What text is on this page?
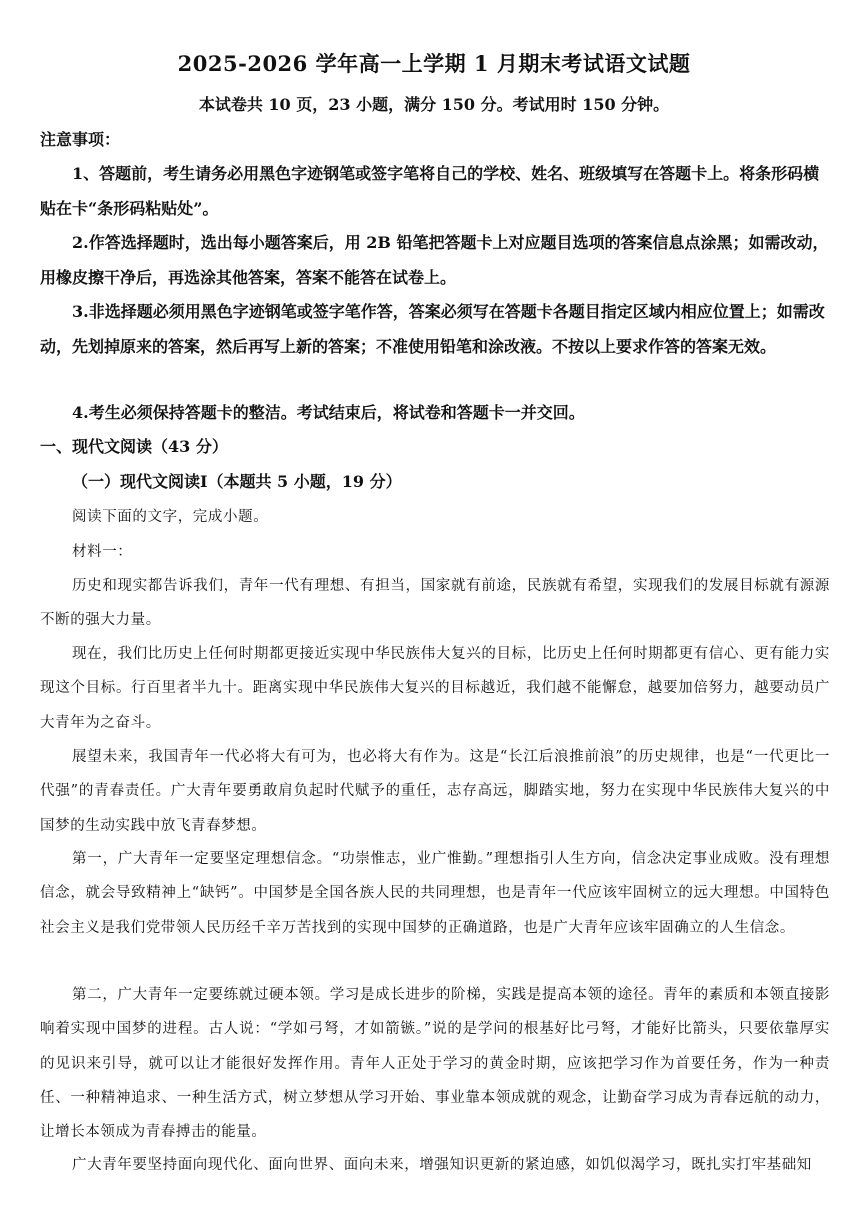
2025-2026 学年高一上学期 1 月期末考试语文试题
本试卷共 10 页，23 小题，满分 150 分。考试用时 150 分钟。
注意事项：
1、答题前，考生请务必用黑色字迹钢笔或签字笔将自己的学校、姓名、班级填写在答题卡上。将条形码横贴在卡“条形码粘贴处”。
2.作答选择题时，选出每小题答案后，用 2B 铅笔把答题卡上对应题目选项的答案信息点涂黑；如需改动，用橡皮擦干净后，再选涂其他答案，答案不能答在试卷上。
3.非选择题必须用黑色字迹钢笔或签字笔作答，答案必须写在答题卡各题目指定区域内相应位置上；如需改动，先划掉原来的答案，然后再写上新的答案；不准使用铅笔和涂改液。不按以上要求作答的答案无效。
4.考生必须保持答题卡的整洁。考试结束后，将试卷和答题卡一并交回。
一、现代文阅读（43 分）
（一）现代文阅读Ⅰ（本题共 5 小题，19 分）
阅读下面的文字，完成小题。
材料一：
历史和现实都告诉我们，青年一代有理想、有担当，国家就有前途，民族就有希望，实现我们的发展目标就有源源不断的强大力量。
现在，我们比历史上任何时期都更接近实现中华民族伟大复兴的目标，比历史上任何时期都更有信心、更有能力实现这个目标。行百里者半九十。距离实现中华民族伟大复兴的目标越近，我们越不能懈怠，越要加倍努力，越要动员广大青年为之奋斗。
展望未来，我国青年一代必将大有可为，也必将大有作为。这是“长江后浪推前浪”的历史规律，也是“一代更比一代强”的青春责任。广大青年要勇敢肩负起时代赋予的重任，志存高远，脚踏实地，努力在实现中华民族伟大复兴的中国梦的生动实践中放飞青春梦想。
第一，广大青年一定要坚定理想信念。“功崇惟志，业广惟勤。”理想指引人生方向，信念决定事业成败。没有理想信念，就会导致精神上“缺钙”。中国梦是全国各族人民的共同理想，也是青年一代应该牢固树立的远大理想。中国特色社会主义是我们党带领人民历经千辛万苦找到的实现中国梦的正确道路，也是广大青年应该牢固确立的人生信念。
第二，广大青年一定要练就过硬本领。学习是成长进步的阶梯，实践是提高本领的途径。青年的素质和本领直接影响着实现中国梦的进程。古人说：“学如弓弩，才如箭镞。”说的是学问的根基好比弓弩，才能好比箭头，只要依靠厚实的见识来引导，就可以让才能很好发挥作用。青年人正处于学习的黄金时期，应该把学习作为首要任务，作为一种责任、一种精神追求、一种生活方式，树立梦想从学习开始、事业靠本领成就的观念，让勤奋学习成为青春远航的动力，让增长本领成为青春搏击的能量。
广大青年要坚持面向现代化、面向世界、面向未来，增强知识更新的紧迫感，如饥似渴学习，既扎实打牢基础知
